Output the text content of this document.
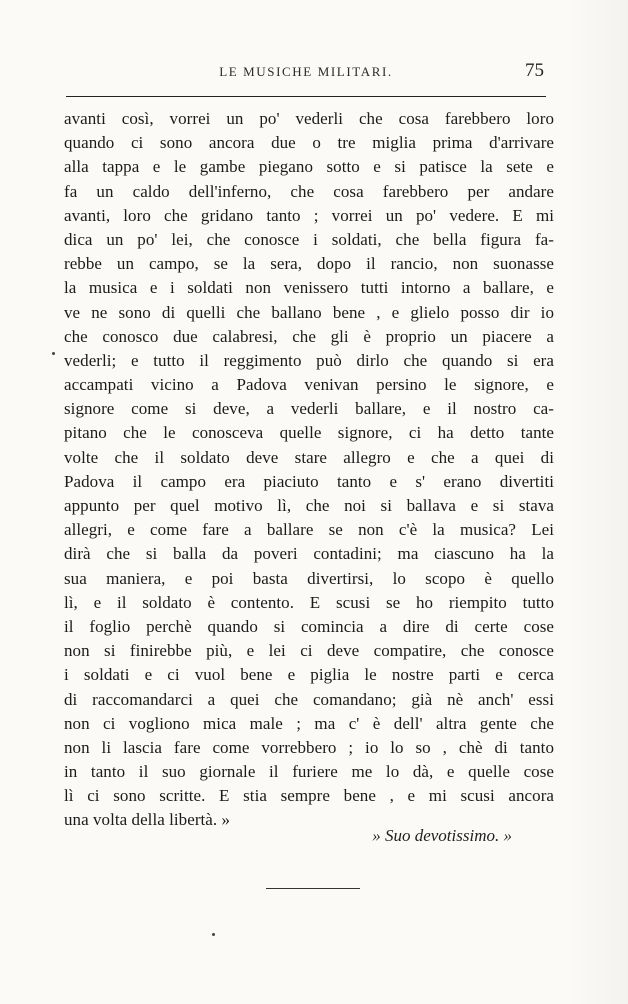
LE MUSICHE MILITARI.	75
avanti così, vorrei un po' vederli che cosa farebbero loro
quando ci sono ancora due o tre miglia prima d'arrivare
alla tappa e le gambe piegano sotto e si patisce la sete e
fa un caldo dell'inferno, che cosa farebbero per andare
avanti, loro che gridano tanto ; vorrei un po' vedere. E mi
dica un po' lei, che conosce i soldati, che bella figura fa-
rebbe un campo, se la sera, dopo il rancio, non suonasse
la musica e i soldati non venissero tutti intorno a ballare, e
ve ne sono di quelli che ballano bene , e glielo posso dir io
che conosco due calabresi, che gli è proprio un piacere a
vederli; e tutto il reggimento può dirlo che quando si era
accampati vicino a Padova venivan persino le signore, e
signore come si deve, a vederli ballare, e il nostro ca-
pitano che le conosceva quelle signore, ci ha detto tante
volte che il soldato deve stare allegro e che a quei di
Padova il campo era piaciuto tanto e s' erano divertiti
appunto per quel motivo lì, che noi si ballava e si stava
allegri, e come fare a ballare se non c'è la musica? Lei
dirà che si balla da poveri contadini; ma ciascuno ha la
sua maniera, e poi basta divertirsi, lo scopo è quello
lì, e il soldato è contento. E scusi se ho riempito tutto
il foglio perchè quando si comincia a dire di certe cose
non si finirebbe più, e lei ci deve compatire, che conosce
i soldati e ci vuol bene e piglia le nostre parti e cerca
di raccomandarci a quei che comandano; già nè anch' essi
non ci vogliono mica male ; ma c' è dell' altra gente che
non li lascia fare come vorrebbero ; io lo so , chè di tanto
in tanto il suo giornale il furiere me lo dà, e quelle cose
lì ci sono scritte. E stia sempre bene , e mi scusi ancora
una volta della libertà. »
» Suo devotissimo. »
